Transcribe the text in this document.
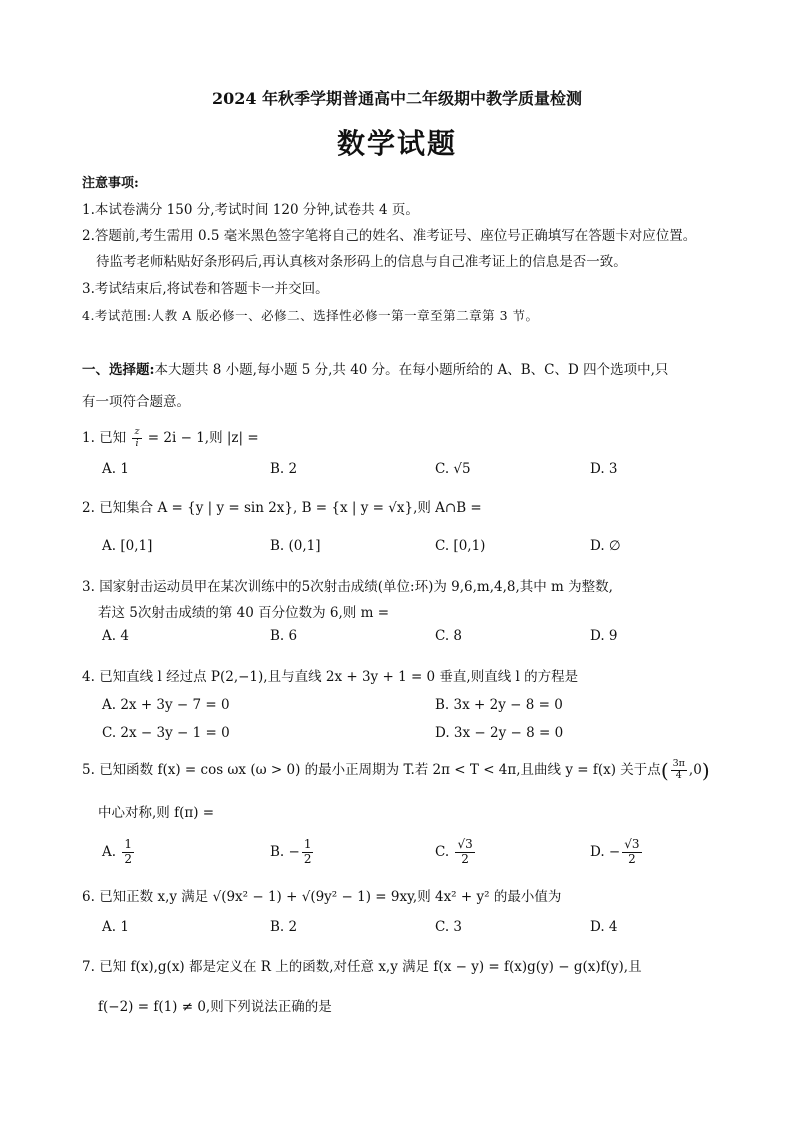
2024 年秋季学期普通高中二年级期中教学质量检测
数学试题
注意事项:
1.本试卷满分 150 分,考试时间 120 分钟,试卷共 4 页。
2.答题前,考生需用 0.5 毫米黑色签字笔将自己的姓名、准考证号、座位号正确填写在答题卡对应位置。
待监考老师粘贴好条形码后,再认真核对条形码上的信息与自己准考证上的信息是否一致。
3.考试结束后,将试卷和答题卡一并交回。
4.考试范围:人教 A 版必修一、必修二、选择性必修一第一章至第二章第 3 节。
一、选择题:本大题共 8 小题,每小题 5 分,共 40 分。在每小题所给的 A、B、C、D 四个选项中,只
有一项符合题意。
1. 已知 $\frac{z}{i} = 2i - 1$,则 |z| =
A. 1	B. 2	C. √5	D. 3
2. 已知集合 A = {y | y = sin 2x}, B = {x | y = √x},则 A∩B =
A. [0,1]	B. (0,1]	C. [0,1)	D. ∅
3. 国家射击运动员甲在某次训练中的5次射击成绩(单位:环)为 9,6,m,4,8,其中 m 为整数,
若这 5次射击成绩的第 40 百分位数为 6,则 m =
A. 4	B. 6	C. 8	D. 9
4. 已知直线 l 经过点 P(2,−1),且与直线 2x + 3y + 1 = 0 垂直,则直线 l 的方程是
A. 2x + 3y − 7 = 0	B. 3x + 2y − 8 = 0
C. 2x − 3y − 1 = 0	D. 3x − 2y − 8 = 0
5. 已知函数 f(x) = cos ωx (ω > 0) 的最小正周期为 T.若 2π < T < 4π,且曲线 y = f(x) 关于点( $\frac{3\pi}{4} ,0$)
中心对称,则 f(π) =
A. $\frac{1}{2}$	B. − $\frac{1}{2}$	C. $\frac{√3}{2}$	D. − $\frac{√3}{2}$
6. 已知正数 x,y 满足 √(9x² − 1) + √(9y² − 1) = 9xy,则 4x² + y² 的最小值为
A. 1	B. 2	C. 3	D. 4
7. 已知 f(x),g(x) 都是定义在 R 上的函数,对任意 x,y 满足 f(x − y) = f(x)g(y) − g(x)f(y),且
f(−2) = f(1) ≠ 0,则下列说法正确的是
